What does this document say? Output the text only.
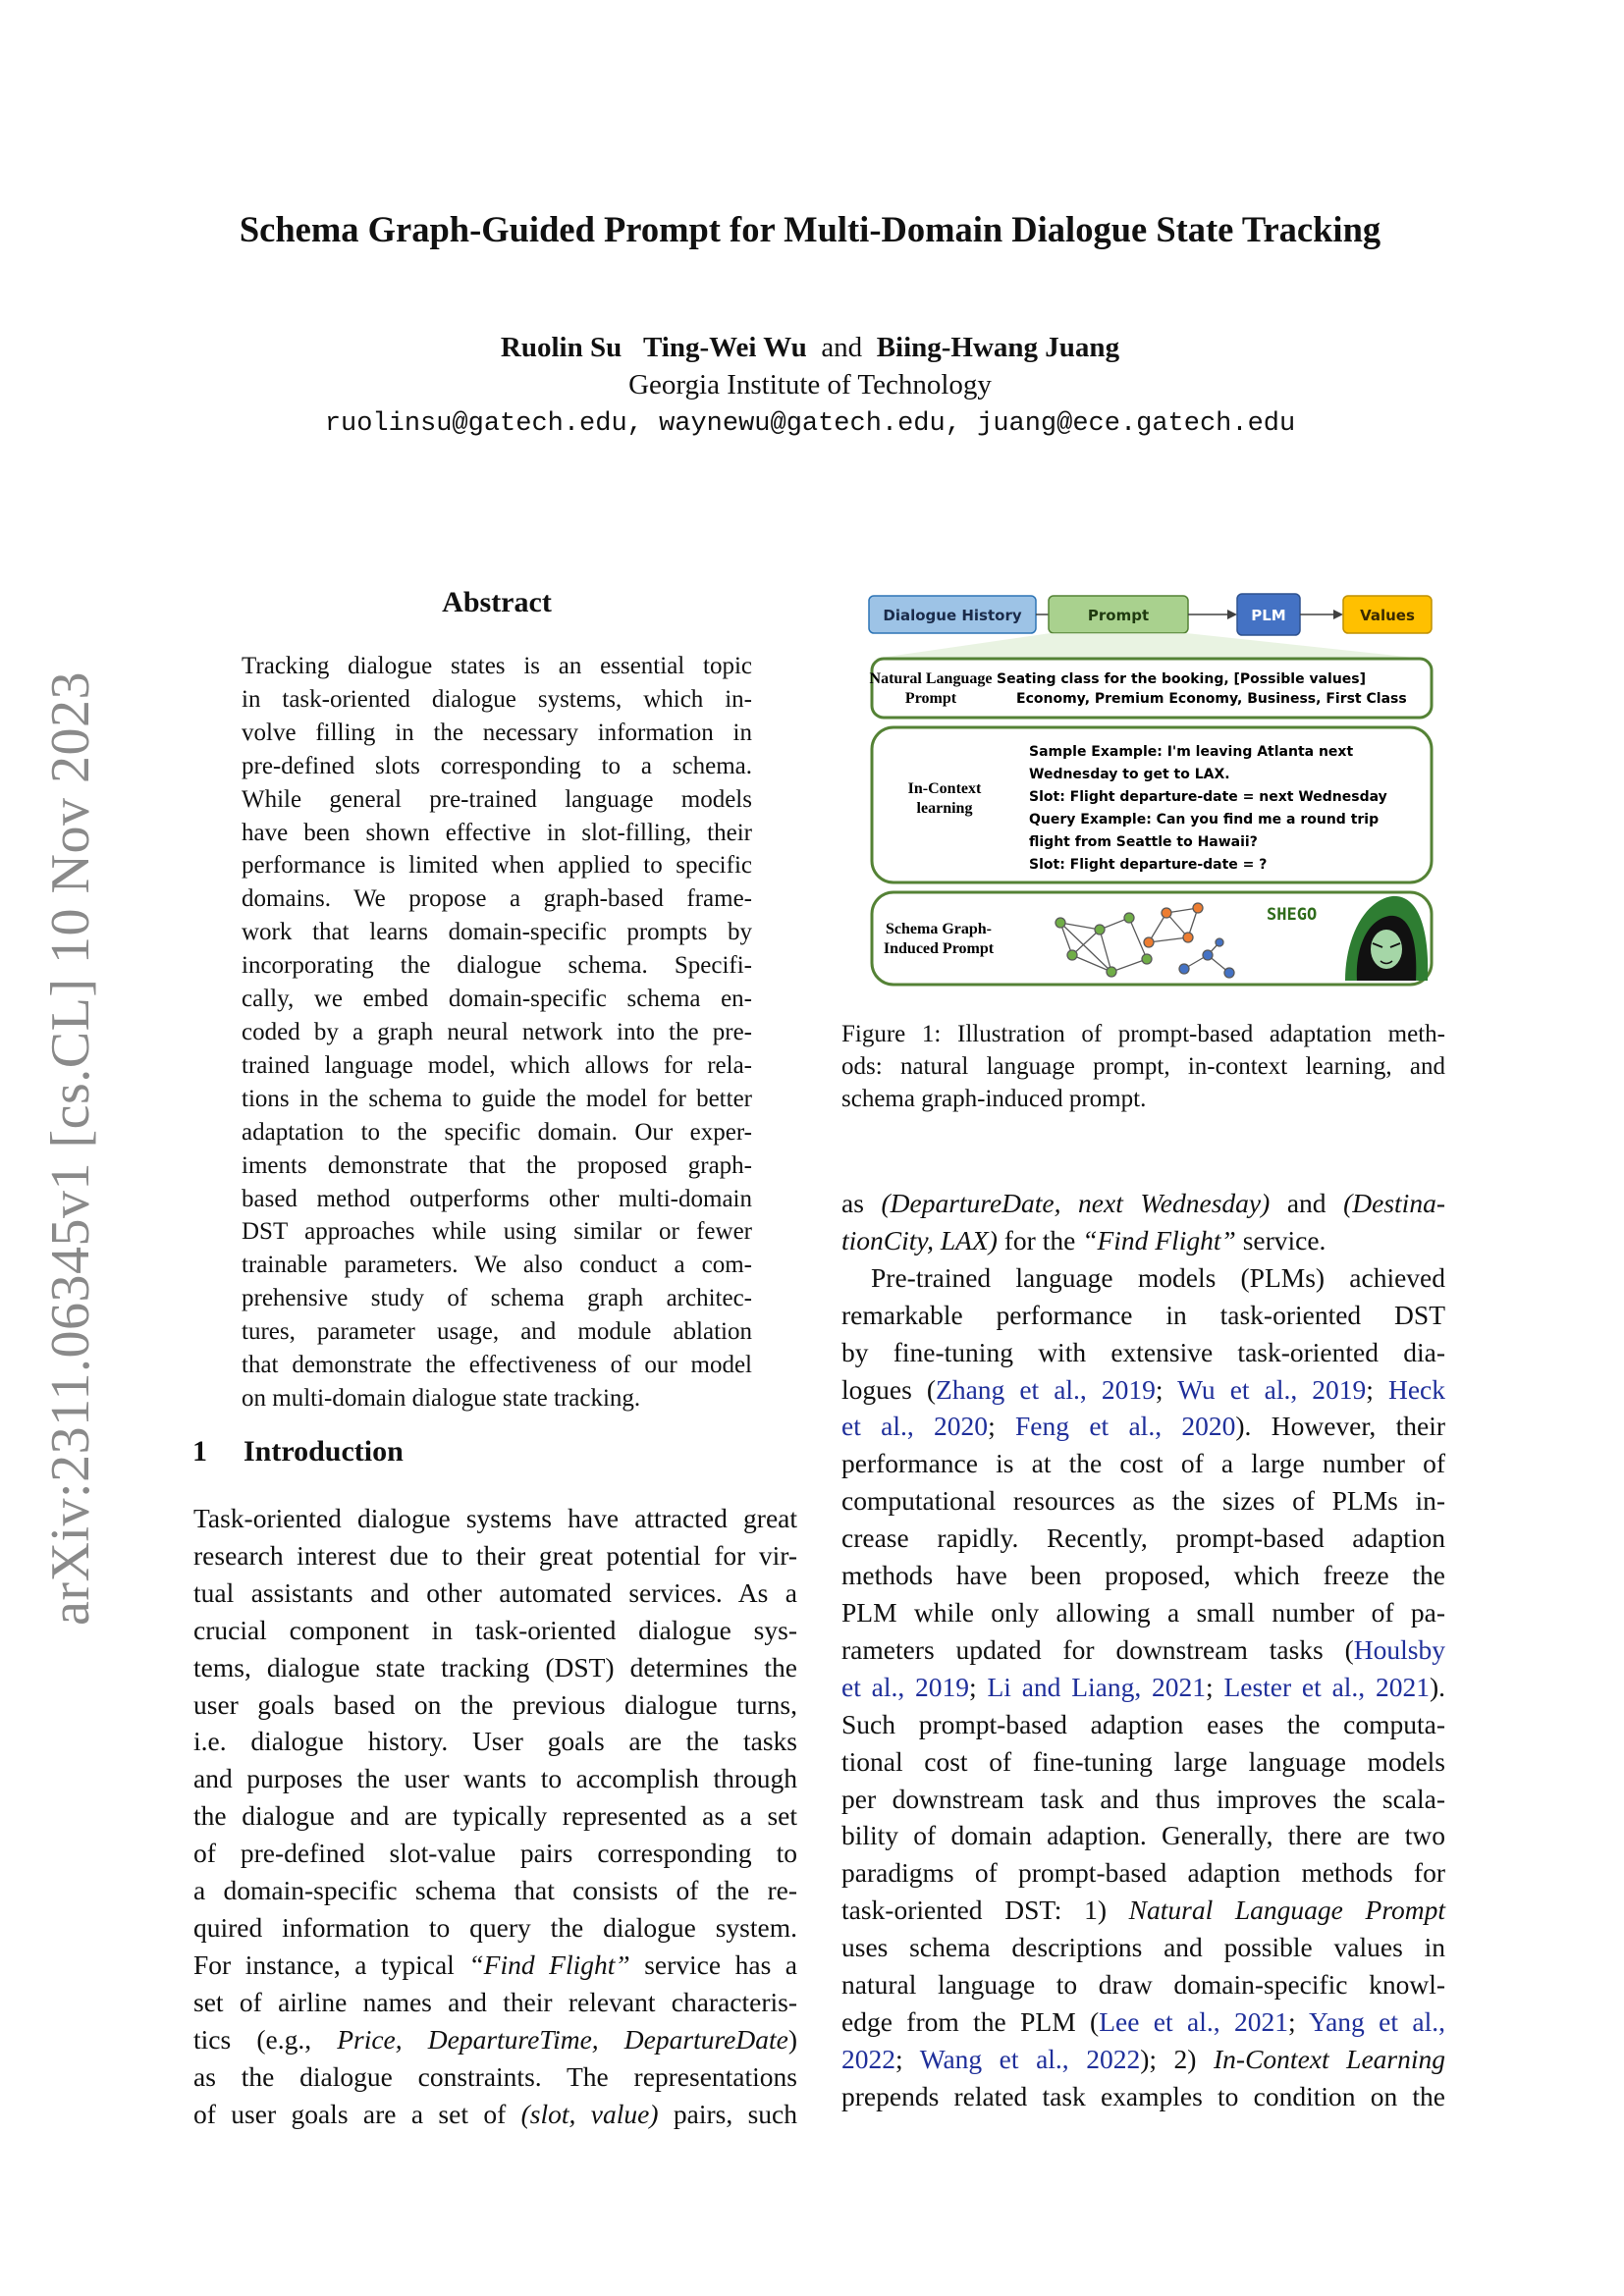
arXiv:2311.06345v1 [cs.CL] 10 Nov 2023
Schema Graph-Guided Prompt for Multi-Domain Dialogue State Tracking
Ruolin Su Ting-Wei Wu and Biing-Hwang Juang
Georgia Institute of Technology
ruolinsu@gatech.edu, waynewu@gatech.edu, juang@ece.gatech.edu
Abstract
Tracking dialogue states is an essential topic
in task-oriented dialogue systems, which in-
volve filling in the necessary information in
pre-defined slots corresponding to a schema.
While general pre-trained language models
have been shown effective in slot-filling, their
performance is limited when applied to specific
domains. We propose a graph-based frame-
work that learns domain-specific prompts by
incorporating the dialogue schema. Specifi-
cally, we embed domain-specific schema en-
coded by a graph neural network into the pre-
trained language model, which allows for rela-
tions in the schema to guide the model for better
adaptation to the specific domain. Our exper-
iments demonstrate that the proposed graph-
based method outperforms other multi-domain
DST approaches while using similar or fewer
trainable parameters. We also conduct a com-
prehensive study of schema graph architec-
tures, parameter usage, and module ablation
that demonstrate the effectiveness of our model
on multi-domain dialogue state tracking.
1 Introduction
Task-oriented dialogue systems have attracted great
research interest due to their great potential for vir-
tual assistants and other automated services. As a
crucial component in task-oriented dialogue sys-
tems, dialogue state tracking (DST) determines the
user goals based on the previous dialogue turns,
i.e. dialogue history. User goals are the tasks
and purposes the user wants to accomplish through
the dialogue and are typically represented as a set
of pre-defined slot-value pairs corresponding to
a domain-specific schema that consists of the re-
quired information to query the dialogue system.
For instance, a typical “Find Flight” service has a
set of airline names and their relevant characteris-
tics (e.g., Price, DepartureTime, DepartureDate)
as the dialogue constraints. The representations
of user goals are a set of (slot, value) pairs, such
Dialogue History	Prompt	PLM	Values
Natural Language
Prompt
Seating class for the booking, [Possible values]
Economy, Premium Economy, Business, First Class
In-Context
learning
Sample Example: I'm leaving Atlanta next
Wednesday to get to LAX.
Slot: Flight departure-date = next Wednesday
Query Example: Can you find me a round trip
flight from Seattle to Hawaii?
Slot: Flight departure-date = ?
Schema Graph-
Induced Prompt
SHEGO
Figure 1: Illustration of prompt-based adaptation meth-
ods: natural language prompt, in-context learning, and
schema graph-induced prompt.
as (DepartureDate, next Wednesday) and (Destina-
tionCity, LAX) for the “Find Flight” service.
Pre-trained language models (PLMs) achieved
remarkable performance in task-oriented DST
by fine-tuning with extensive task-oriented dia-
logues (Zhang et al., 2019; Wu et al., 2019; Heck
et al., 2020; Feng et al., 2020). However, their
performance is at the cost of a large number of
computational resources as the sizes of PLMs in-
crease rapidly. Recently, prompt-based adaption
methods have been proposed, which freeze the
PLM while only allowing a small number of pa-
rameters updated for downstream tasks (Houlsby
et al., 2019; Li and Liang, 2021; Lester et al., 2021).
Such prompt-based adaption eases the computa-
tional cost of fine-tuning large language models
per downstream task and thus improves the scala-
bility of domain adaption. Generally, there are two
paradigms of prompt-based adaption methods for
task-oriented DST: 1) Natural Language Prompt
uses schema descriptions and possible values in
natural language to draw domain-specific knowl-
edge from the PLM (Lee et al., 2021; Yang et al.,
2022; Wang et al., 2022); 2) In-Context Learning
prepends related task examples to condition on the
